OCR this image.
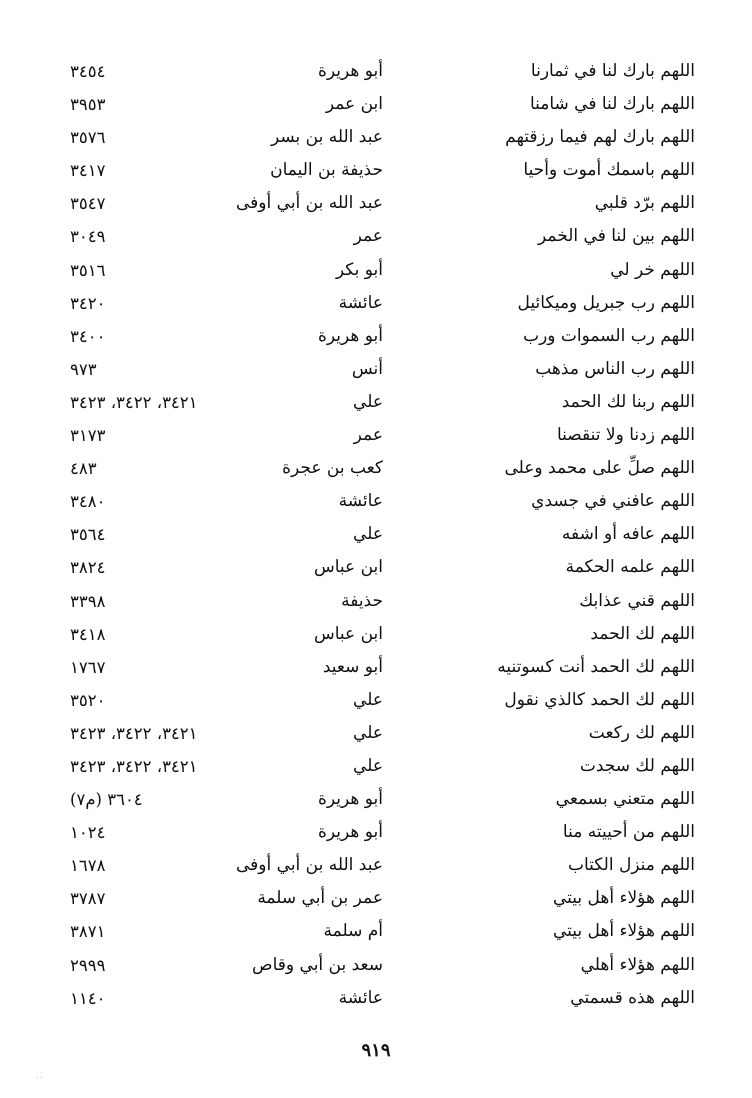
اللهم بارك لنا في ثمارنا
أبو هريرة
٣٤٥٤
اللهم بارك لنا في شامنا
ابن عمر
٣٩٥٣
اللهم بارك لهم فيما رزقتهم
عبد الله بن بسر
٣٥٧٦
اللهم باسمك أموت وأحيا
حذيفة بن اليمان
٣٤١٧
اللهم برّد قلبي
عبد الله بن أبي أوفى
٣٥٤٧
اللهم بين لنا في الخمر
عمر
٣٠٤٩
اللهم خر لي
أبو بكر
٣٥١٦
اللهم رب جبريل وميكائيل
عائشة
٣٤٢٠
اللهم رب السموات ورب
أبو هريرة
٣٤٠٠
اللهم رب الناس مذهب
أنس
٩٧٣
اللهم ربنا لك الحمد
علي
٣٤٢١، ٣٤٢٢، ٣٤٢٣
اللهم زدنا ولا تنقصنا
عمر
٣١٧٣
اللهم صلِّ على محمد وعلى
كعب بن عجرة
٤٨٣
اللهم عافني في جسدي
عائشة
٣٤٨٠
اللهم عافه أو اشفه
علي
٣٥٦٤
اللهم علمه الحكمة
ابن عباس
٣٨٢٤
اللهم قني عذابك
حذيفة
٣٣٩٨
اللهم لك الحمد
ابن عباس
٣٤١٨
اللهم لك الحمد أنت كسوتنيه
أبو سعيد
١٧٦٧
اللهم لك الحمد كالذي نقول
علي
٣٥٢٠
اللهم لك ركعت
علي
٣٤٢١، ٣٤٢٢، ٣٤٢٣
اللهم لك سجدت
علي
٣٤٢١، ٣٤٢٢، ٣٤٢٣
اللهم متعني بسمعي
أبو هريرة
٣٦٠٤ (م٧)
اللهم من أحييته منا
أبو هريرة
١٠٢٤
اللهم منزل الكتاب
عبد الله بن أبي أوفى
١٦٧٨
اللهم هؤلاء أهل بيتي
عمر بن أبي سلمة
٣٧٨٧
اللهم هؤلاء أهل بيتي
أم سلمة
٣٨٧١
اللهم هؤلاء أهلي
سعد بن أبي وقاص
٢٩٩٩
اللهم هذه قسمتي
عائشة
١١٤٠
٩١٩
· ·
